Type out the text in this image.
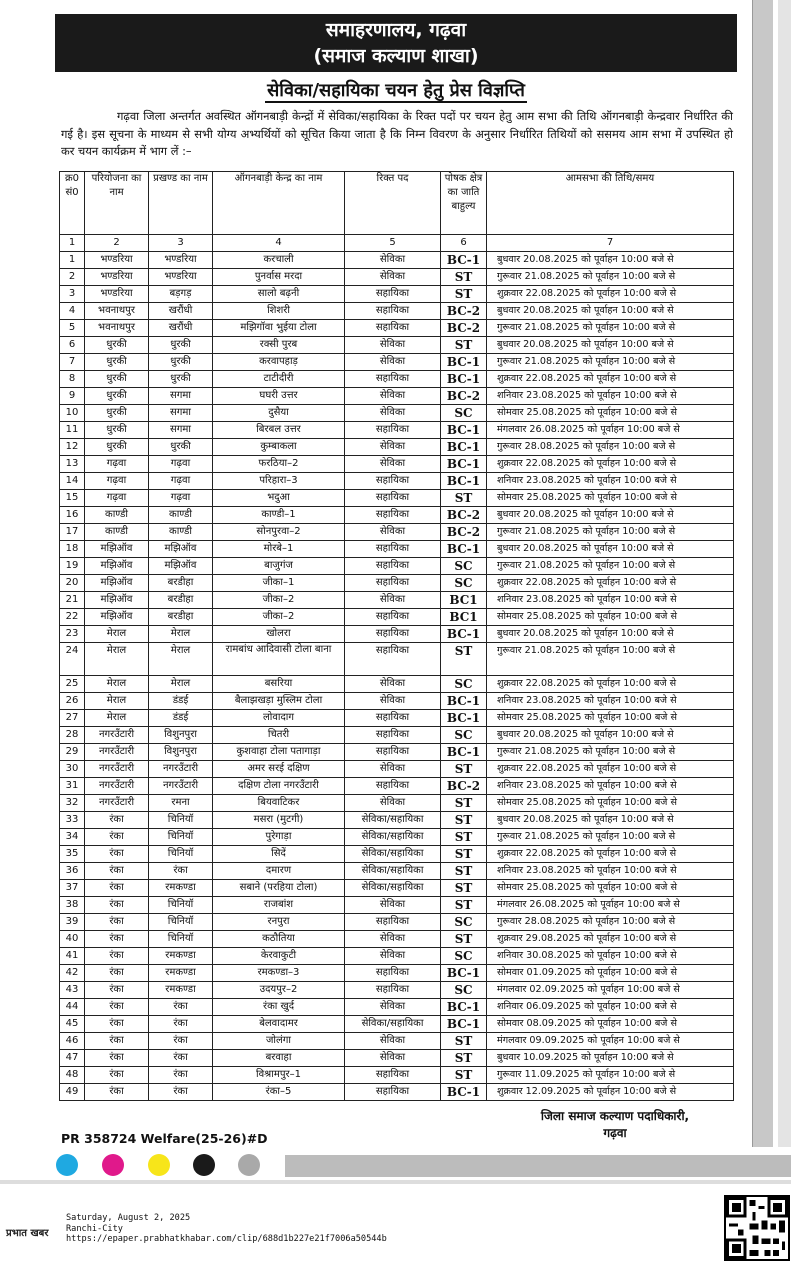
समाहरणालय, गढ़वा
(समाज कल्याण शाखा)
सेविका/सहायिका चयन हेतु प्रेस विज्ञप्ति
गढ़वा जिला अन्तर्गत अवस्थित ऑगनबाड़ी केन्द्रों में सेविका/सहायिका के रिक्त पदों पर चयन हेतु आम सभा की तिथि ऑगनबाड़ी केन्द्रवार निर्धारित की गई है। इस सूचना के माध्यम से सभी योग्य अभ्यर्थियों को सूचित किया जाता है कि निम्न विवरण के अनुसार निर्धारित तिथियों को ससमय आम सभा में उपस्थित हो कर चयन कार्यक्रम में भाग लें :–
क्र0 सं0	परियोजना का नाम	प्रखण्ड का नाम	ऑगनबाड़ी केन्द्र का नाम	रिक्त पद	पोषक क्षेत्र का जाति बाहुल्य	आमसभा की तिथि/समय
1	2	3	4	5	6	7
1	भण्डरिया	भण्डरिया	करचाली	सेविका	BC-1	बुधवार 20.08.2025 को पूर्वाहन 10:00 बजे से
2	भण्डरिया	भण्डरिया	पुनर्वास मरदा	सेविका	ST	गुरूवार 21.08.2025 को पूर्वाहन 10:00 बजे से
3	भण्डरिया	बड़गड़	सालो बढ़नी	सहायिका	ST	शुक्रवार 22.08.2025 को पूर्वाहन 10:00 बजे से
4	भवनाथपुर	खरौंधी	शिशरी	सहायिका	BC-2	बुधवार 20.08.2025 को पूर्वाहन 10:00 बजे से
5	भवनाथपुर	खरौंधी	मझिगॉवा भुईया टोला	सहायिका	BC-2	गुरूवार 21.08.2025 को पूर्वाहन 10:00 बजे से
6	धुरकी	धुरकी	रक्सी पुरब	सेविका	ST	बुधवार 20.08.2025 को पूर्वाहन 10:00 बजे से
7	धुरकी	धुरकी	करवापहाड़	सेविका	BC-1	गुरूवार 21.08.2025 को पूर्वाहन 10:00 बजे से
8	धुरकी	धुरकी	टाटीदीरी	सहायिका	BC-1	शुक्रवार 22.08.2025 को पूर्वाहन 10:00 बजे से
9	धुरकी	सगमा	घघरी उत्तर	सेविका	BC-2	शनिवार 23.08.2025 को पूर्वाहन 10:00 बजे से
10	धुरकी	सगमा	दुसैया	सेविका	SC	सोमवार 25.08.2025 को पूर्वाहन 10:00 बजे से
11	धुरकी	सगमा	बिरबल उत्तर	सहायिका	BC-1	मंगलवार 26.08.2025 को पूर्वाहन 10:00 बजे से
12	धुरकी	धुरकी	कुम्बाकला	सेविका	BC-1	गुरूवार 28.08.2025 को पूर्वाहन 10:00 बजे से
13	गढ़वा	गढ़वा	फरठिया–2	सेविका	BC-1	शुक्रवार 22.08.2025 को पूर्वाहन 10:00 बजे से
14	गढ़वा	गढ़वा	परिहारा–3	सहायिका	BC-1	शनिवार 23.08.2025 को पूर्वाहन 10:00 बजे से
15	गढ़वा	गढ़वा	भदुआ	सहायिका	ST	सोमवार 25.08.2025 को पूर्वाहन 10:00 बजे से
16	काण्डी	काण्डी	काण्डी–1	सहायिका	BC-2	बुधवार 20.08.2025 को पूर्वाहन 10:00 बजे से
17	काण्डी	काण्डी	सोनपुरवा–2	सेविका	BC-2	गुरूवार 21.08.2025 को पूर्वाहन 10:00 बजे से
18	मझिऑव	मझिऑव	मोरबे–1	सहायिका	BC-1	बुधवार 20.08.2025 को पूर्वाहन 10:00 बजे से
19	मझिऑव	मझिऑव	बाजुगंज	सहायिका	SC	गुरूवार 21.08.2025 को पूर्वाहन 10:00 बजे से
20	मझिऑव	बरडीहा	जीका–1	सहायिका	SC	शुक्रवार 22.08.2025 को पूर्वाहन 10:00 बजे से
21	मझिऑव	बरडीहा	जीका–2	सेविका	BC1	शनिवार 23.08.2025 को पूर्वाहन 10:00 बजे से
22	मझिऑव	बरडीहा	जीका–2	सहायिका	BC1	सोमवार 25.08.2025 को पूर्वाहन 10:00 बजे से
23	मेराल	मेराल	खोलरा	सहायिका	BC-1	बुधवार 20.08.2025 को पूर्वाहन 10:00 बजे से
24	मेराल	मेराल	रामबांध आदिवासी टोला बाना	सहायिका	ST	गुरूवार 21.08.2025 को पूर्वाहन 10:00 बजे से
25	मेराल	मेराल	बसरिया	सेविका	SC	शुक्रवार 22.08.2025 को पूर्वाहन 10:00 बजे से
26	मेराल	डंडई	बैलाझखड़ा मुस्लिम टोला	सेविका	BC-1	शनिवार 23.08.2025 को पूर्वाहन 10:00 बजे से
27	मेराल	डंडई	लोवादाग	सहायिका	BC-1	सोमवार 25.08.2025 को पूर्वाहन 10:00 बजे से
28	नगरउँटारी	विशुनपुरा	चितरी	सहायिका	SC	बुधवार 20.08.2025 को पूर्वाहन 10:00 बजे से
29	नगरउँटारी	विशुनपुरा	कुशवाहा टोला पतागाड़ा	सहायिका	BC-1	गुरूवार 21.08.2025 को पूर्वाहन 10:00 बजे से
30	नगरउँटारी	नगरउँटारी	अमर सरई दक्षिण	सेविका	ST	शुक्रवार 22.08.2025 को पूर्वाहन 10:00 बजे से
31	नगरउँटारी	नगरउँटारी	दक्षिण टोला नगरउँटारी	सहायिका	BC-2	शनिवार 23.08.2025 को पूर्वाहन 10:00 बजे से
32	नगरउँटारी	रमना	बियवाटिकर	सेविका	ST	सोमवार 25.08.2025 को पूर्वाहन 10:00 बजे से
33	रंका	चिनियॉ	मसरा (मुटगी)	सेविका/सहायिका	ST	बुधवार 20.08.2025 को पूर्वाहन 10:00 बजे से
34	रंका	चिनियॉ	पुरेगाड़ा	सेविका/सहायिका	ST	गुरूवार 21.08.2025 को पूर्वाहन 10:00 बजे से
35	रंका	चिनियॉ	सिदें	सेविका/सहायिका	ST	शुक्रवार 22.08.2025 को पूर्वाहन 10:00 बजे से
36	रंका	रंका	दमारण	सेविका/सहायिका	ST	शनिवार 23.08.2025 को पूर्वाहन 10:00 बजे से
37	रंका	रमकण्डा	सबाने (परहिया टोला)	सेविका/सहायिका	ST	सोमवार 25.08.2025 को पूर्वाहन 10:00 बजे से
38	रंका	चिनियॉ	राजबांश	सेविका	ST	मंगलवार 26.08.2025 को पूर्वाहन 10:00 बजे से
39	रंका	चिनियॉ	रनपुरा	सहायिका	SC	गुरूवार 28.08.2025 को पूर्वाहन 10:00 बजे से
40	रंका	चिनियॉ	कठौतिया	सेविका	ST	शुक्रवार 29.08.2025 को पूर्वाहन 10:00 बजे से
41	रंका	रमकण्डा	केरवाकुटी	सेविका	SC	शनिवार 30.08.2025 को पूर्वाहन 10:00 बजे से
42	रंका	रमकण्डा	रमकण्डा–3	सहायिका	BC-1	सोमवार 01.09.2025 को पूर्वाहन 10:00 बजे से
43	रंका	रमकण्डा	उदयपुर–2	सहायिका	SC	मंगलवार 02.09.2025 को पूर्वाहन 10:00 बजे से
44	रंका	रंका	रंका खुर्द	सेविका	BC-1	शनिवार 06.09.2025 को पूर्वाहन 10:00 बजे से
45	रंका	रंका	बेलवादामर	सेविका/सहायिका	BC-1	सोमवार 08.09.2025 को पूर्वाहन 10:00 बजे से
46	रंका	रंका	जोलंगा	सेविका	ST	मंगलवार 09.09.2025 को पूर्वाहन 10:00 बजे से
47	रंका	रंका	बरवाहा	सेविका	ST	बुधवार 10.09.2025 को पूर्वाहन 10:00 बजे से
48	रंका	रंका	विश्रामपुर–1	सहायिका	ST	गुरूवार 11.09.2025 को पूर्वाहन 10:00 बजे से
49	रंका	रंका	रंका–5	सहायिका	BC-1	शुक्रवार 12.09.2025 को पूर्वाहन 10:00 बजे से
जिला समाज कल्याण पदाधिकारी,
गढ़वा
PR 358724 Welfare(25-26)#D
प्रभात खबर
Saturday, August 2, 2025
Ranchi-City
https://epaper.prabhatkhabar.com/clip/688d1b227e21f7006a50544b
